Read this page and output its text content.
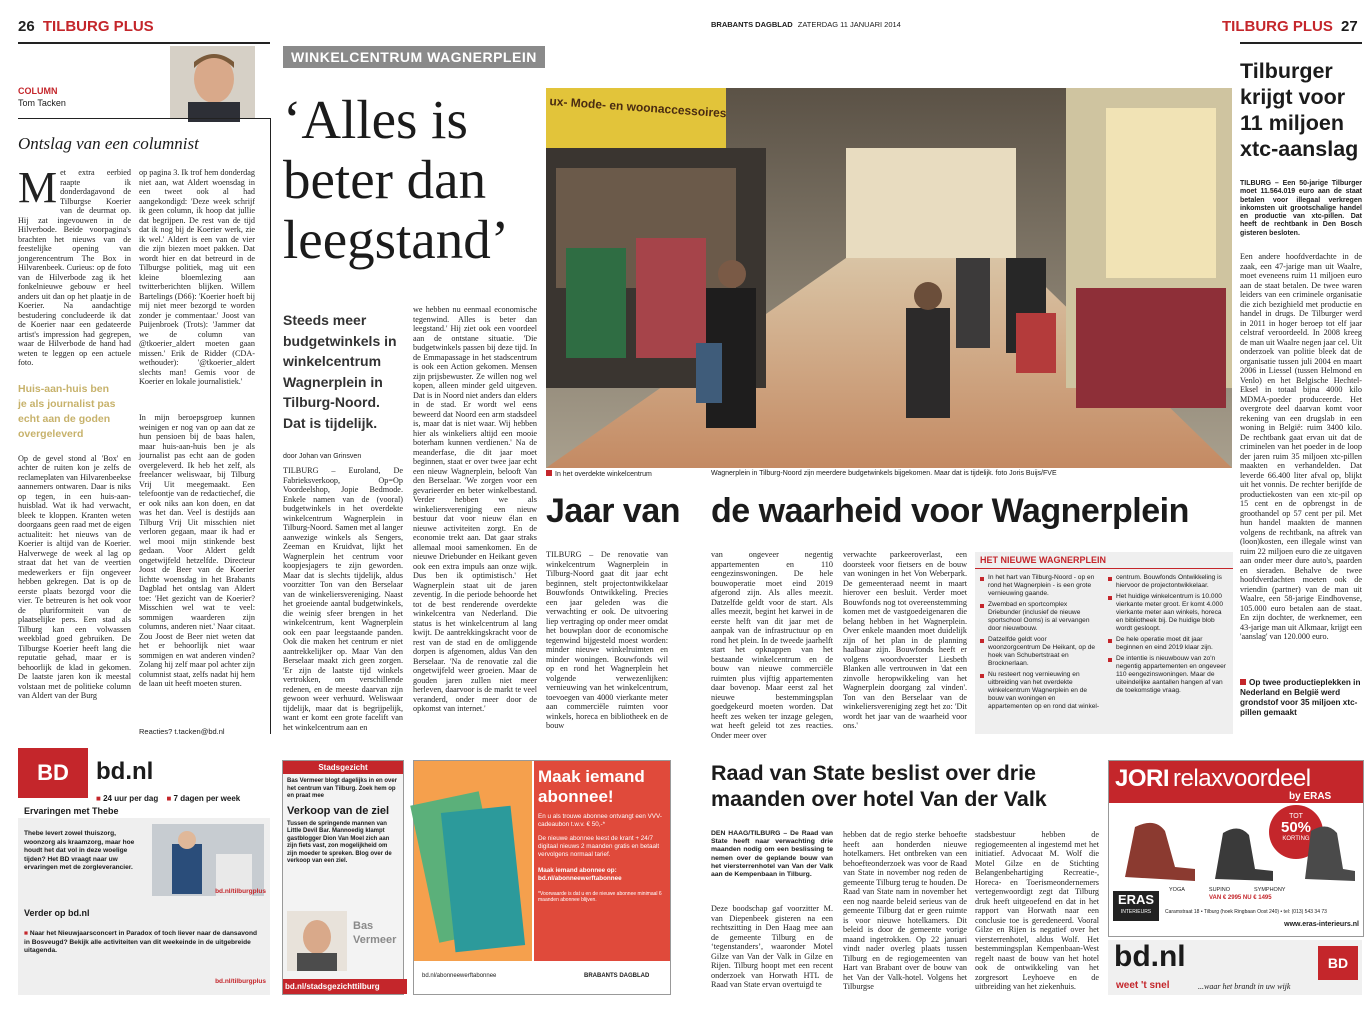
26 TILBURG PLUS
WINKELCENTRUM WAGNERPLEIN
COLUMN
Tom Tacken
Ontslag van een columnist
M et extra eerbied raapte ik donderdagavond de Tilburgse Koerier van de deurmat op. Hij zat ingevouwen in de Hilverbode. Beide voorpagina's brachten het nieuws van de feestelijke opening van jongerencentrum The Box in Hilvarenbeek. Curieus: op de foto van de Hilverbode zag ik het fonkelnieuwe gebouw er heel anders uit dan op het plaatje in de Koerier. Na aandachtige bestudering concludeerde ik dat de Koerier naar een gedateerde artist's impression had gegrepen, waar de Hilverbode de hand had weten te leggen op een actuele foto.
Huis-aan-huis ben je als journalist pas echt aan de goden overgeleverd
Op de gevel stond al 'Box' en achter de ruiten kon je zelfs de reclameplaten van Hilvarenbeekse aannemers ontwaren. Daar is niks op tegen, in een huis-aan-huisblad. Wat ik had verwacht, bleek te kloppen. Kranten weten doorgaans geen raad met de eigen actualiteit: het nieuws van de Koerier is altijd van de Koerier. Halverwege de week al lag op straat dat het van de veertien medewerkers er fijn ongeveer hebben gekregen. Dat is op de eerste plaats bezorgd voor die vier. Te betreuren is het ook voor de pluriformiteit van de plaatselijke pers. Een stad als Tilburg kan een volwassen weekblad goed gebruiken. De Tilburgse Koerier heeft lang die reputatie gehad, maar er is behoorlijk de klad in gekomen. De laatste jaren kon ik meestal volstaan met de politieke column van Aldert van der Burg
op pagina 3. Ik trof hem donderdag niet aan, wat Aldert woensdag in een tweet ook al had aangekondigd: 'Deze week schrijf ik geen column, ik hoop dat jullie dat begrijpen. De rest van de tijd dat ik nog bij de Koerier werk, zie ik wel.' Aldert is een van de vier die zijn biezen moet pakken. Dat wordt hier en dat betreurd in de Tilburgse politiek, mag uit een kleine bloemlezing aan twitterberichten blijken. Willem Bartelings (D66): 'Koerier hoeft bij mij niet meer bezorgd te worden zonder je commentaar.' Joost van Puijenbroek (Trots): 'Jammer dat we de column van @tkoerier_aldert moeten gaan missen.' Erik de Ridder (CDA-wethouder): '@tkoerier_aldert slechts man! Gemis voor de Koerier en lokale journalistiek.'
In mijn beroepsgroep kunnen weinigen er nog van op aan dat ze hun pensioen bij de baas halen, maar huis-aan-huis ben je als journalist pas echt aan de goden overgeleverd. Ik heb het zelf, als freelancer weliswaar, bij Tilburg Vrij Uit meegemaakt. Een telefoontje van de redactiechef, die er ook niks aan kon doen, en dat was het dan. Veel is destijds aan Tilburg Vrij Uit misschien niet verloren gegaan, maar ik had er wel mooi mijn stinkende best gedaan. Voor Aldert geldt ongetwijfeld hetzelfde. Directeur Joost de Beer van de Koerier lichtte woensdag in het Brabants Dagblad het ontslag van Aldert toe: 'Het gezicht van de Koerier? Misschien wel wat te veel: sommigen waarderen zijn columns, anderen niet.' Naar citaat. Zou Joost de Beer niet weten dat het er behoorlijk niet waar sommigen en wat anderen vinden? Zolang hij zelf maar pol achter zijn columnist staat, zelfs nadat hij hem de laan uit heeft moeten sturen.
Reacties? t.tacken@bd.nl
‘Alles is beter dan leegstand’
Steeds meer budgetwinkels in winkelcentrum Wagnerplein in Tilburg-Noord. Dat is tijdelijk.
door Johan van Grinsven
TILBURG – Euroland, De Fabrieksverkoop, Op=Op Voordeelshop, Jopie Bedmode. Enkele namen van de (vooral) budgetwinkels in het overdekte winkelcentrum Wagnerplein in Tilburg-Noord. Samen met al langer aanwezige winkels als Sengers, Zeeman en Kruidvat, lijkt het Wagnerplein het centrum voor koopjesjagers te zijn geworden. Maar dat is slechts tijdelijk, aldus voorzitter Ton van den Berselaar van de winkeliersvereniging. Naast het groeiende aantal budgetwinkels, die weinig sfeer brengen in het winkelcentrum, kent Wagnerplein ook een paar leegstaande panden. Ook die maken het centrum er niet aantrekkelijker op. Maar Van den Berselaar maakt zich geen zorgen. 'Er zijn de laatste tijd winkels vertrokken, om verschillende redenen, en de meeste daarvan zijn gewoon weer verhuurd. Weliswaar tijdelijk, maar dat is begrijpelijk, want er komt een grote facelift van het winkelcentrum aan en
we hebben nu eenmaal economische tegenwind. Alles is beter dan leegstand.' Hij ziet ook een voordeel aan de ontstane situatie. 'Die budgetwinkels passen bij deze tijd. In de Emmapassage in het stadscentrum is ook een Action gekomen. Mensen zijn prijsbewuster. Ze willen nog wel kopen, alleen minder geld uitgeven. Dat is in Noord niet anders dan elders in de stad. Er wordt wel eens beweerd dat Noord een arm stadsdeel is, maar dat is niet waar. Wij hebben hier als winkeliers altijd een mooie boterham kunnen verdienen.' Na de meanderfase, die dit jaar moet beginnen, staat er over twee jaar echt een nieuw Wagnerplein, belooft Van den Berselaar. 'We zorgen voor een gevarieerder en beter winkelbestand. Verder hebben we als winkeliersvereniging een nieuw bestuur dat voor nieuw élan en nieuwe activiteiten zorgt. En de economie trekt aan. Dat gaar straks allemaal mooi samenkomen. En de nieuwe Driebunder en Heikant geven ook een extra impuls aan onze wijk. Dus ben ik optimistisch.' Het Wagnerplein staat uit de jaren zeventig. In die periode behoorde het tot de best renderende overdekte winkelcentra van Nederland. Die status is het winkelcentrum al lang kwijt. De aantrekkingskracht voor de rest van de stad en de omliggende dorpen is afgenomen, aldus Van den Berselaar. 'Na de renovatie zal die ongetwijfeld weer groeien. Maar de gouden jaren zullen niet meer herleven, daarvoor is de markt te veel veranderd, onder meer door de opkomst van internet.'
ux- Mode- en woonaccessoires
In het overdekte winkelcentrum	Wagnerplein in Tilburg-Noord zijn meerdere budgetwinkels bijgekomen. Maar dat is tijdelijk. foto Joris Buijs/FVE
BRABANTS DAGBLAD ZATERDAG 11 JANUARI 2014	TILBURG PLUS 27
Jaar van de waarheid voor Wagnerplein
TILBURG – De renovatie van winkelcentrum Wagnerplein in Tilburg-Noord gaat dit jaar echt beginnen, stelt projectontwikkelaar Bouwfonds Ontwikkeling. Precies een jaar geleden was die verwachting er ook. De uitvoering liep vertraging op onder meer omdat het bouwplan door de economische tegenwind bijgesteld moest worden: minder nieuwe winkelruimten en minder woningen. Bouwfonds wil op en rond het Wagnerplein het volgende verwezenlijken: vernieuwing van het winkelcentrum, toevoegen van 4000 vierkante meter aan commerciële ruimten voor winkels, horeca en bibliotheek en de bouw
van ongeveer negentig appartementen en 110 eengezinswoningen. De hele bouwoperatie moet eind 2019 afgerond zijn. Als alles meezit. Datzelfde geldt voor de start. Als alles meezit, begint het karwei in de eerste helft van dit jaar met de aanpak van de infrastructuur op en rond het plein. In de tweede jaarhelft start het opknappen van het bestaande winkelcentrum en de bouw van nieuwe commerciële ruimten plus vijftig appartementen daar bovenop. Maar eerst zal het nieuwe bestemmingsplan goedgekeurd moeten worden. Dat heeft zes weken ter inzage gelegen, wat heeft geleid tot zes reacties. Onder meer over
verwachte parkeeroverlast, een doorsteek voor fietsers en de bouw van woningen in het Von Weberpark. De gemeenteraad neemt in maart hierover een besluit. Verder moet Bouwfonds nog tot overeenstemming komen met de vastgoedeigenaren die belang hebben in het Wagnerplein. Over enkele maanden moet duidelijk zijn of het plan in de planning haalbaar zijn. Bouwfonds heeft er volgens woordvoerster Liesbeth Blanken alle vertrouwen in 'dat een zinvolle heropwikkeling van het Wagnerplein doorgang zal vinden'. Ton van den Berselaar van de winkeliersvereniging zegt het zo: 'Dit wordt het jaar van de waarheid voor ons.'
HET NIEUWE WAGNERPLEIN
In het hart van Tilburg-Noord - op en rond het Wagnerplein - is een grote vernieuwing gaande.
Zwembad en sportcomplex Driebunder (inclusief de nieuwe sportschool Ooms) is al vervangen door nieuwbouw.
Datzelfde geldt voor woonzorgcentrum De Heikant, op de hoek van Schubertstraat en Brocknerlaan.
Nu resteert nog vernieuwing en uitbreiding van het overdekte winkelcentrum Wagnerplein en de bouw van woningen en appartementen op en rond dat winkel-
centrum. Bouwfonds Ontwikkeling is hiervoor de projectontwikkelaar.
Het huidige winkelcentrum is 10.000 vierkante meter groot. Er komt 4.000 vierkante meter aan winkels, horeca en bibliotheek bij. De huidige blob wordt gesloopt.
De hele operatie moet dit jaar beginnen en eind 2019 klaar zijn.
De intentie is nieuwbouw van zo'n negentig appartementen en ongeveer 110 eengezinswoningen. Maar de uiteindelijke aantallen hangen af van de toekomstige vraag.
Tilburger krijgt voor 11 miljoen xtc-aanslag
TILBURG – Een 50-jarige Tilburger moet 11.564.019 euro aan de staat betalen voor illegaal verkregen inkomsten uit grootschalige handel en productie van xtc-pillen. Dat heeft de rechtbank in Den Bosch gisteren besloten.
Een andere hoofdverdachte in de zaak, een 47-jarige man uit Waalre, moet eveneens ruim 11 miljoen euro aan de staat betalen. De twee waren leiders van een criminele organisatie die zich bezighield met productie en handel in drugs. De Tilburger werd in 2011 in hoger beroep tot elf jaar celstraf veroordeeld. In 2008 kreeg de man uit Waalre negen jaar cel. Uit onderzoek van politie bleek dat de organisatie tussen juli 2004 en maart 2006 in Liessel (tussen Helmond en Venlo) en het Belgische Hechtel-Eksel in totaal bijna 4000 kilo MDMA-poeder produceerde. Het overgrote deel daarvan komt voor rekening van een drugslab in een woning in België: ruim 3400 kilo. De rechtbank gaat ervan uit dat de criminelen van het poeder in de loop der jaren ruim 35 miljoen xtc-pillen maakten en verhandelden. Dat leverde 66.400 liter afval op, blijkt uit het vonnis. De rechter berijfde de productiekosten van een xtc-pil op 15 cent en de opbrengst in de groothandel op 57 cent per pil. Met hun handel maakten de mannen volgens de rechtbank, na aftrek van (loon)kosten, een illegale winst van ruim 22 miljoen euro die ze uitgaven aan onder meer dure auto's, paarden en sieraden. Behalve de twee hoofdverdachten moeten ook de vriendin (partner) van de man uit Waalre, een 58-jarige Eindhovense, 105.000 euro betalen aan de staat. En zijn dochter, de werknemer, een 43-jarige man uit Alkmaar, krijgt een 'aanslag' van 120.000 euro.
Op twee productieplekken in Nederland en België werd grondstof voor 35 miljoen xtc-pillen gemaakt
BD	bd.nl
■ 24 uur per dag ■ 7 dagen per week
Ervaringen met Thebe
Thebe levert zowel thuiszorg, woonzorg als kraamzorg, maar hoe houdt het dat vol in deze woelige tijden? Het BD vraagt naar uw ervaringen met de zorgleverancier.
bd.nl/tilburgplus
Verder op bd.nl
■ Naar het Nieuwjaarsconcert in Paradox of toch liever naar de dansavond in Bosveugd? Bekijk alle activiteiten van dit weekeinde in de uitgebreide uitagenda.
bd.nl/tilburgplus
Stadsgezicht
Bas Vermeer blogt dagelijks in en over het centrum van Tilburg. Zoek hem op en praat mee
Verkoop van de ziel
Tussen de springende mannen van Little Devil Bar. Mannoedig klampt gastblogger Dion Van Moel zich aan zijn fiets vast, zon mogelijkheid om zijn moeder te spreken. Blog over de verkoop van een ziel.
Bas Vermeer
bd.nl/stadsgezichttilburg
Maak iemand abonnee!
En u als trouwe abonnee ontvangt een VVV-cadeaubon t.w.v. € 50,-*
De nieuwe abonnee leest de krant + 24/7 digitaal nieuws 2 maanden gratis en betaalt vervolgens normaal tarief.
Maak iemand abonnee op: bd.nl/abonneewerftabonnee
*Voorwaarde is dat u en de nieuwe abonnee minimaal 6 maanden abonnee blijven.
bd.nl/abonneewerftabonnee	BRABANTS DAGBLAD
Raad van State beslist over drie maanden over hotel Van der Valk
DEN HAAG/TILBURG – De Raad van State heeft naar verwachting drie maanden nodig om een beslissing te nemen over de geplande bouw van het viersterrenhotel van Van der Valk aan de Kempenbaan in Tilburg.
Deze boodschap gaf voorzitter M. van Diepenbeek gisteren na een rechtszitting in Den Haag mee aan de gemeente Tilburg en de ‘tegenstanders’, waaronder Motel Gilze van Van der Valk in Gilze en Rijen. Tilburg hoopt met een recent onderzoek van Horwath HTL de Raad van State ervan overtuigd te
hebben dat de regio sterke behoefte heeft aan honderden nieuwe hotelkamers. Het ontbreken van een behoefteonderzoek was voor de Raad van State in november nog reden de gemeente Tilburg terug te houden. De Raad van State nam in november het een nog naarde beleid serieus van de gemeente Tilburg dat er geen ruimte is voor nieuwe hotelkamers. Dit beleid is door de gemeente vorige maand ingetrokken. Op 22 januari vindt nader overleg plaats tussen Tilburg en de regiogemeenten van Hart van Brabant over de bouw van het Van der Valk-hotel. Volgens het Tilburgse
stadsbestuur hebben de regiogemeenten al ingestemd met het initiatief. Advocaat M. Wolf die Motel Gilze en de Stichting Belangenbehartiging Recreatie-, Horeca- en Toerismeondernemers vertegenwoordigt zegt dat Tilburg druk heeft uitgeoefend en dat in het rapport van Horwath naar een conclusie toe is geredeneerd. Vooral Gilze en Rijen is negatief over het viersterrenhotel, aldus Wolf. Het bestemmingsplan Kempenbaan-West regelt naast de bouw van het hotel ook de ontwikkeling van het zorgresort Leyhoeve en de uitbreiding van het ziekenhuis.
JORI relaxvoordeel
by ERAS
TOT
50%
KORTING
YOGA	SUPINO	SYMPHONY
VAN € 2995 NU € 1495
ERAS
INTERIEURS	Caramstraat 18 • Tilburg (hoek Ringbaan Oost 240) • tel: (013) 543 34 73
www.eras-interieurs.nl
bd.nl	BD
weet 't snel	...waar het brandt in uw wijk
